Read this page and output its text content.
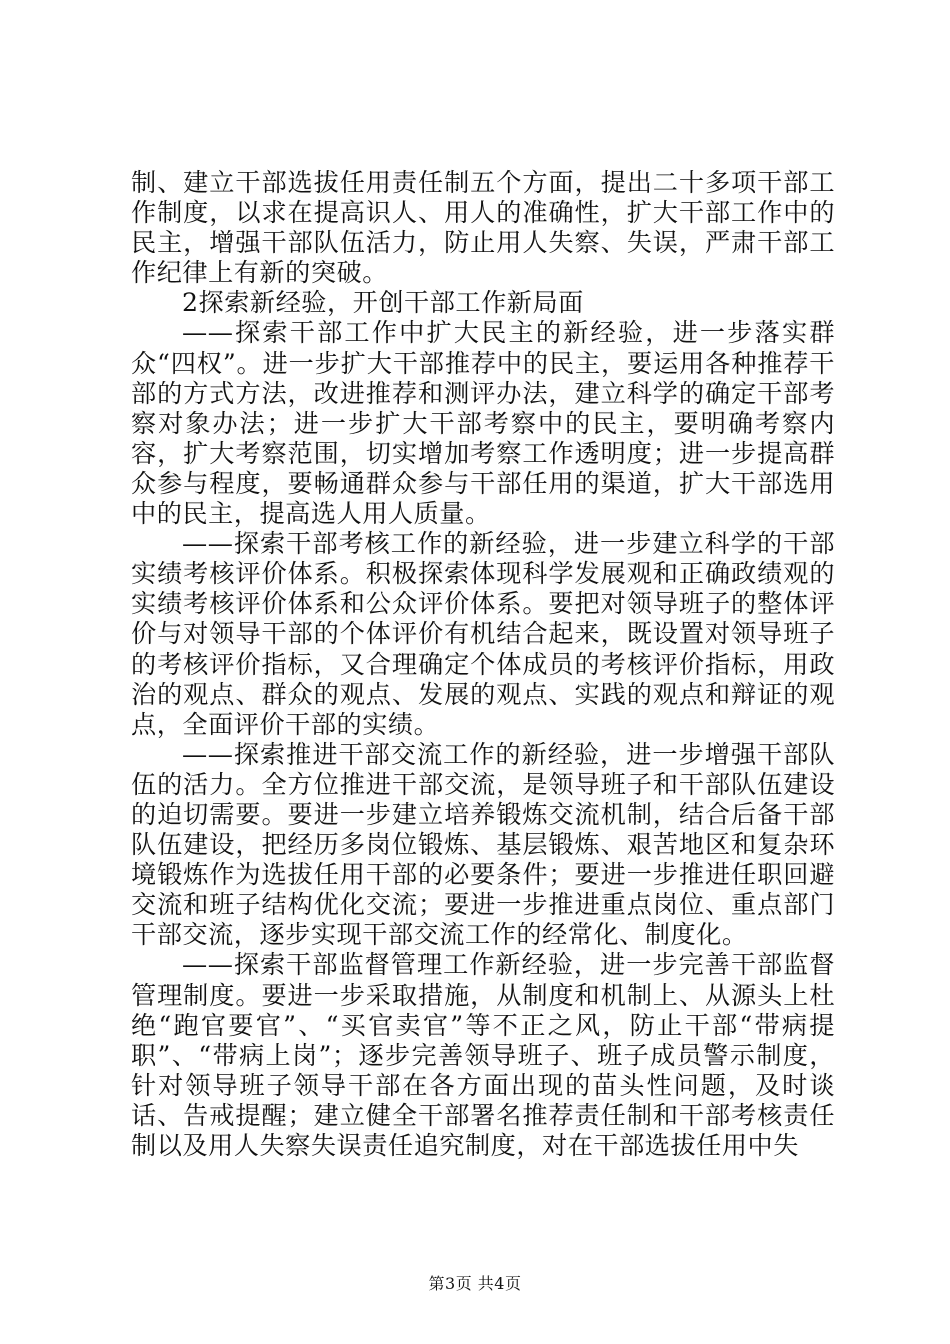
制、建立干部选拔任用责任制五个方面，提出二十多项干部工作制度，以求在提高识人、用人的准确性，扩大干部工作中的民主，增强干部队伍活力，防止用人失察、失误，严肃干部工作纪律上有新的突破。

2探索新经验，开创干部工作新局面

——探索干部工作中扩大民主的新经验，进一步落实群众“四权”。进一步扩大干部推荐中的民主，要运用各种推荐干部的方式方法，改进推荐和测评办法，建立科学的确定干部考察对象办法；进一步扩大干部考察中的民主，要明确考察内容，扩大考察范围，切实增加考察工作透明度；进一步提高群众参与程度，要畅通群众参与干部任用的渠道，扩大干部选用中的民主，提高选人用人质量。

——探索干部考核工作的新经验，进一步建立科学的干部实绩考核评价体系。积极探索体现科学发展观和正确政绩观的实绩考核评价体系和公众评价体系。要把对领导班子的整体评价与对领导干部的个体评价有机结合起来，既设置对领导班子的考核评价指标，又合理确定个体成员的考核评价指标，用政治的观点、群众的观点、发展的观点、实践的观点和辩证的观点，全面评价干部的实绩。

——探索推进干部交流工作的新经验，进一步增强干部队伍的活力。全方位推进干部交流，是领导班子和干部队伍建设的迫切需要。要进一步建立培养锻炼交流机制，结合后备干部队伍建设，把经历多岗位锻炼、基层锻炼、艰苦地区和复杂环境锻炼作为选拔任用干部的必要条件；要进一步推进任职回避交流和班子结构优化交流；要进一步推进重点岗位、重点部门干部交流，逐步实现干部交流工作的经常化、制度化。

——探索干部监督管理工作新经验，进一步完善干部监督管理制度。要进一步采取措施，从制度和机制上、从源头上杜绝“跑官要官”、“买官卖官”等不正之风，防止干部“带病提职”、“带病上岗”；逐步完善领导班子、班子成员警示制度，针对领导班子领导干部在各方面出现的苗头性问题，及时谈话、告戒提醒；建立健全干部署名推荐责任制和干部考核责任制以及用人失察失误责任追究制度，对在干部选拔任用中失

第3页 共4页
